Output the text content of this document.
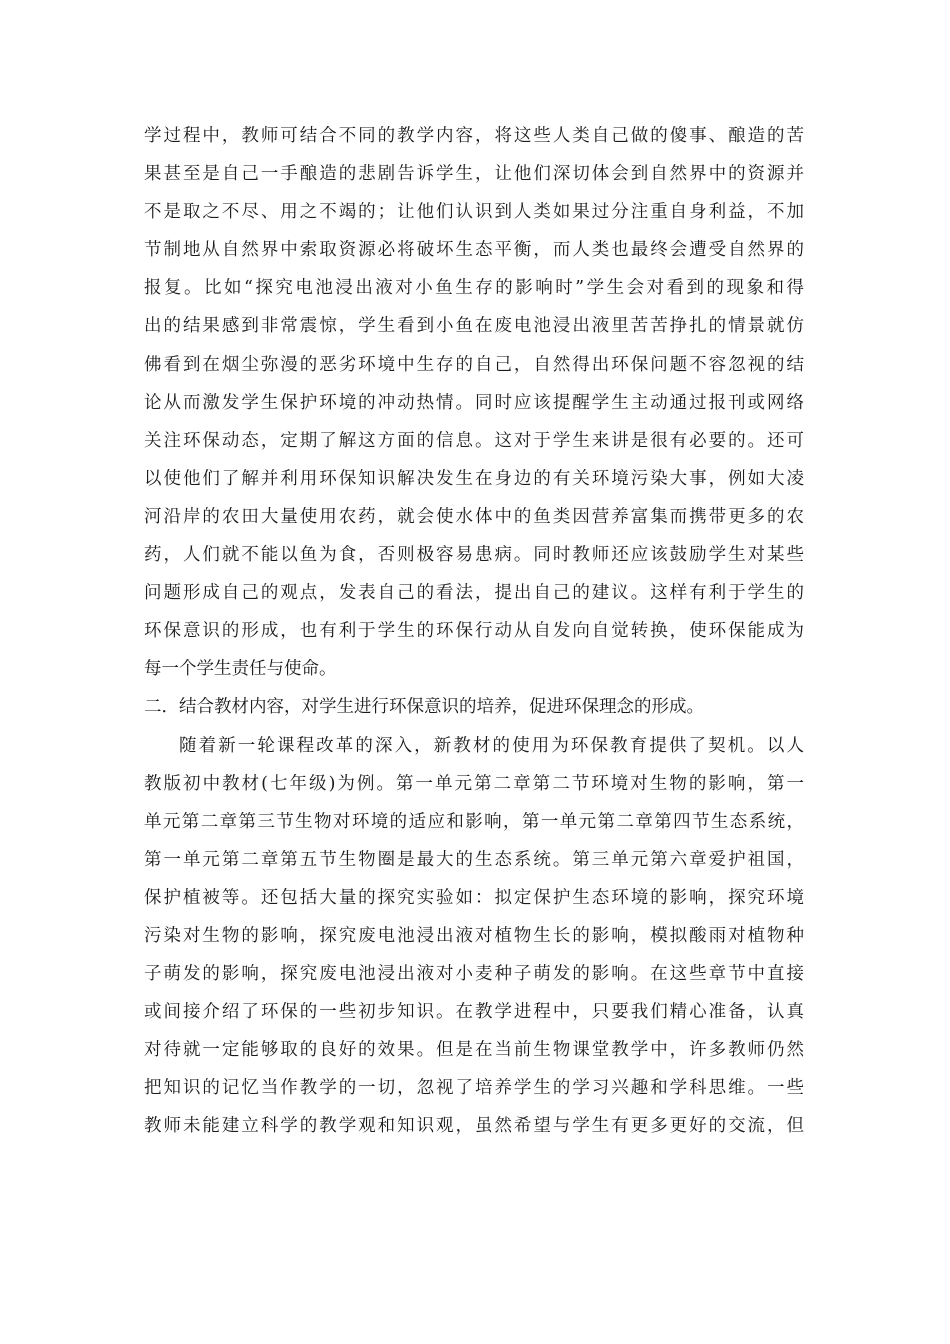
学过程中，教师可结合不同的教学内容，将这些人类自己做的傻事、酿造的苦
果甚至是自己一手酿造的悲剧告诉学生，让他们深切体会到自然界中的资源并
不是取之不尽、用之不竭的；让他们认识到人类如果过分注重自身利益，不加
节制地从自然界中索取资源必将破坏生态平衡，而人类也最终会遭受自然界的
报复。比如“探究电池浸出液对小鱼生存的影响时”学生会对看到的现象和得
出的结果感到非常震惊，学生看到小鱼在废电池浸出液里苦苦挣扎的情景就仿
佛看到在烟尘弥漫的恶劣环境中生存的自己，自然得出环保问题不容忽视的结
论从而激发学生保护环境的冲动热情。同时应该提醒学生主动通过报刊或网络
关注环保动态，定期了解这方面的信息。这对于学生来讲是很有必要的。还可
以使他们了解并利用环保知识解决发生在身边的有关环境污染大事，例如大凌
河沿岸的农田大量使用农药，就会使水体中的鱼类因营养富集而携带更多的农
药，人们就不能以鱼为食，否则极容易患病。同时教师还应该鼓励学生对某些
问题形成自己的观点，发表自己的看法，提出自己的建议。这样有利于学生的
环保意识的形成，也有利于学生的环保行动从自发向自觉转换，使环保能成为
每一个学生责任与使命。
二．结合教材内容，对学生进行环保意识的培养，促进环保理念的形成。
随着新一轮课程改革的深入，新教材的使用为环保教育提供了契机。以人
教版初中教材(七年级)为例。第一单元第二章第二节环境对生物的影响，第一
单元第二章第三节生物对环境的适应和影响，第一单元第二章第四节生态系统，
第一单元第二章第五节生物圈是最大的生态系统。第三单元第六章爱护祖国，
保护植被等。还包括大量的探究实验如：拟定保护生态环境的影响，探究环境
污染对生物的影响，探究废电池浸出液对植物生长的影响，模拟酸雨对植物种
子萌发的影响，探究废电池浸出液对小麦种子萌发的影响。在这些章节中直接
或间接介绍了环保的一些初步知识。在教学进程中，只要我们精心准备，认真
对待就一定能够取的良好的效果。但是在当前生物课堂教学中，许多教师仍然
把知识的记忆当作教学的一切，忽视了培养学生的学习兴趣和学科思维。一些
教师未能建立科学的教学观和知识观，虽然希望与学生有更多更好的交流，但
